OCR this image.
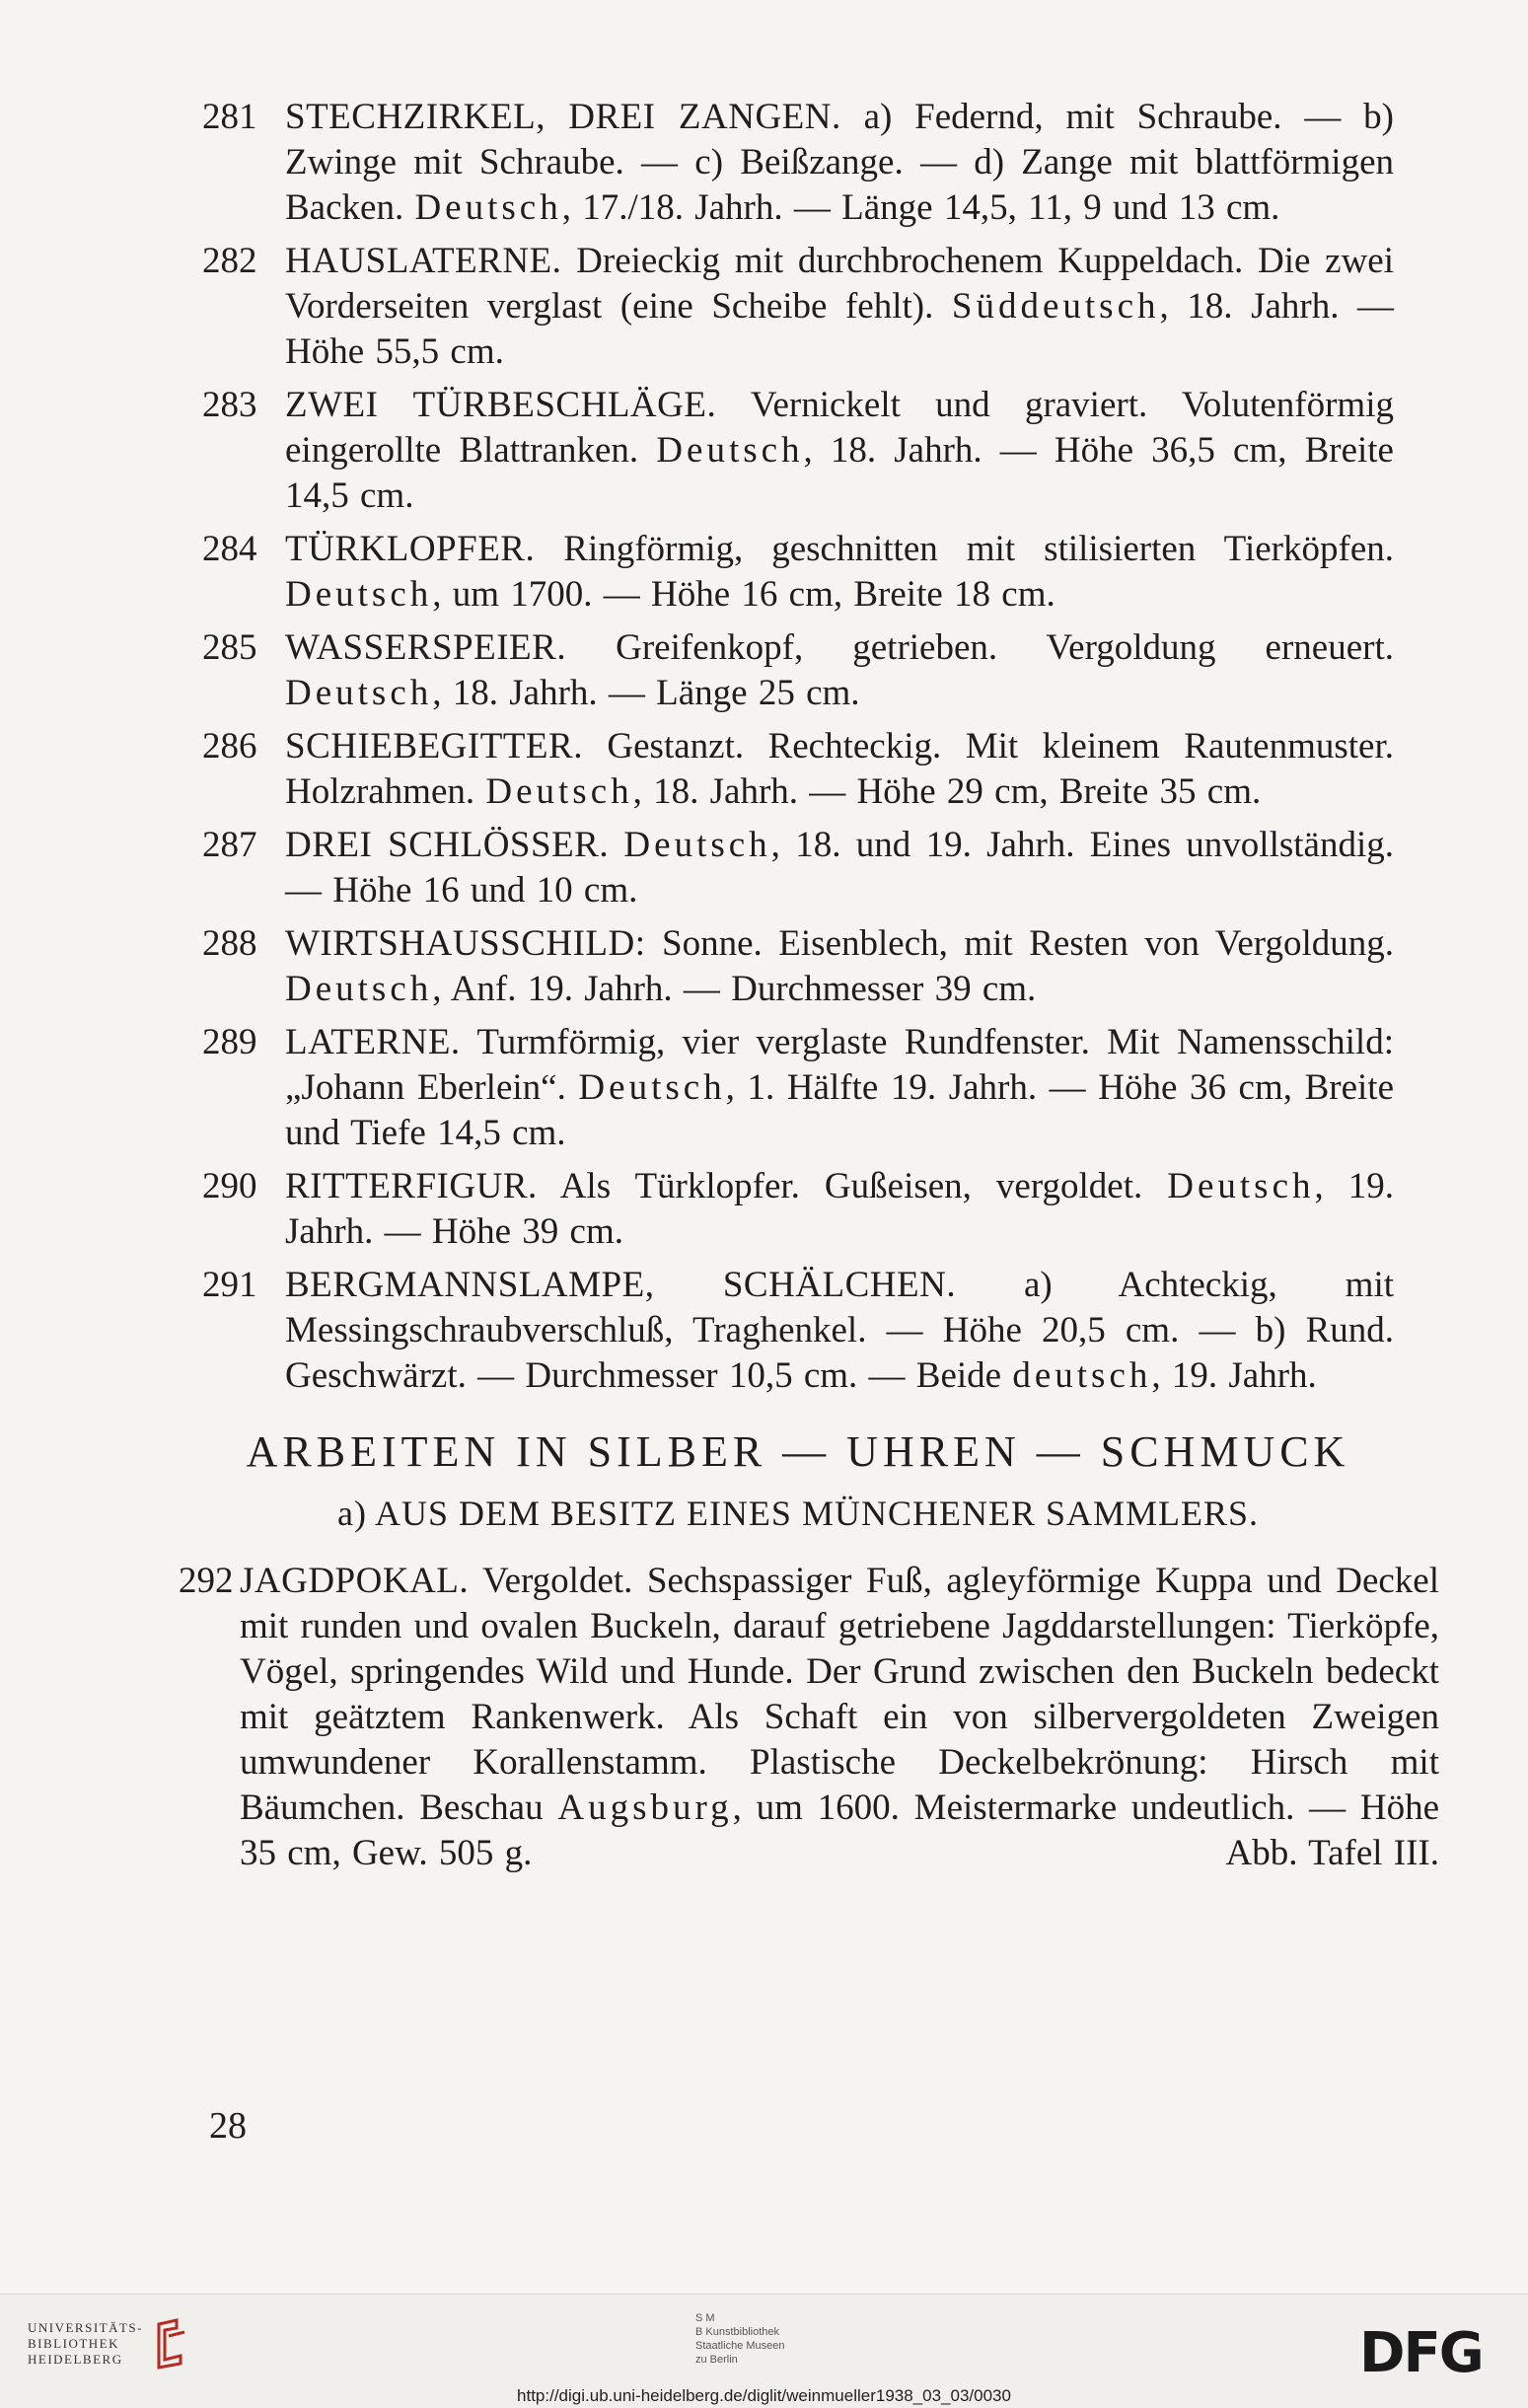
281 STECHZIRKEL, DREI ZANGEN. a) Federnd, mit Schraube. — b) Zwinge mit Schraube. — c) Beißzange. — d) Zange mit blattförmigen Backen. Deutsch, 17./18. Jahrh. — Länge 14,5, 11, 9 und 13 cm.
282 HAUSLATERNE. Dreieckig mit durchbrochenem Kuppeldach. Die zwei Vorderseiten verglast (eine Scheibe fehlt). Süddeutsch, 18. Jahrh. — Höhe 55,5 cm.
283 ZWEI TÜRBESCHLÄGE. Vernickelt und graviert. Volutenförmig eingerollte Blattranken. Deutsch, 18. Jahrh. — Höhe 36,5 cm, Breite 14,5 cm.
284 TÜRKLOPFER. Ringförmig, geschnitten mit stilisierten Tierköpfen. Deutsch, um 1700. — Höhe 16 cm, Breite 18 cm.
285 WASSERSPEIER. Greifenkopf, getrieben. Vergoldung erneuert. Deutsch, 18. Jahrh. — Länge 25 cm.
286 SCHIEBEGITTER. Gestanzt. Rechteckig. Mit kleinem Rautenmuster. Holzrahmen. Deutsch, 18. Jahrh. — Höhe 29 cm, Breite 35 cm.
287 DREI SCHLÖSSER. Deutsch, 18. und 19. Jahrh. Eines unvollständig. — Höhe 16 und 10 cm.
288 WIRTSHAUSSCHILD: Sonne. Eisenblech, mit Resten von Vergoldung. Deutsch, Anf. 19. Jahrh. — Durchmesser 39 cm.
289 LATERNE. Turmförmig, vier verglaste Rundfenster. Mit Namensschild: „Johann Eberlein“. Deutsch, 1. Hälfte 19. Jahrh. — Höhe 36 cm, Breite und Tiefe 14,5 cm.
290 RITTERFIGUR. Als Türklopfer. Gußeisen, vergoldet. Deutsch, 19. Jahrh. — Höhe 39 cm.
291 BERGMANNSLAMPE, SCHÄLCHEN. a) Achteckig, mit Messingschraubverschluß, Traghenkel. — Höhe 20,5 cm. — b) Rund. Geschwärzt. — Durchmesser 10,5 cm. — Beide deutsch, 19. Jahrh.
ARBEITEN IN SILBER — UHREN — SCHMUCK
a) AUS DEM BESITZ EINES MÜNCHENER SAMMLERS.
292 JAGDPOKAL. Vergoldet. Sechspassiger Fuß, agleyförmige Kuppa und Deckel mit runden und ovalen Buckeln, darauf getriebene Jagddarstellungen: Tierköpfe, Vögel, springendes Wild und Hunde. Der Grund zwischen den Buckeln bedeckt mit geätztem Rankenwerk. Als Schaft ein von silbervergoldeten Zweigen umwundener Korallenstamm. Plastische Deckelbekrönung: Hirsch mit Bäumchen. Beschau Augsburg, um 1600. Meistermarke undeutlich. — Höhe 35 cm, Gew. 505 g.	Abb. Tafel III.
28
UNIVERSITÄTS-
BIBLIOTHEK
HEIDELBERG
S M
B Kunstbibliothek
Staatliche Museen
zu Berlin	DFG
http://digi.ub.uni-heidelberg.de/diglit/weinmueller1938_03_03/0030
